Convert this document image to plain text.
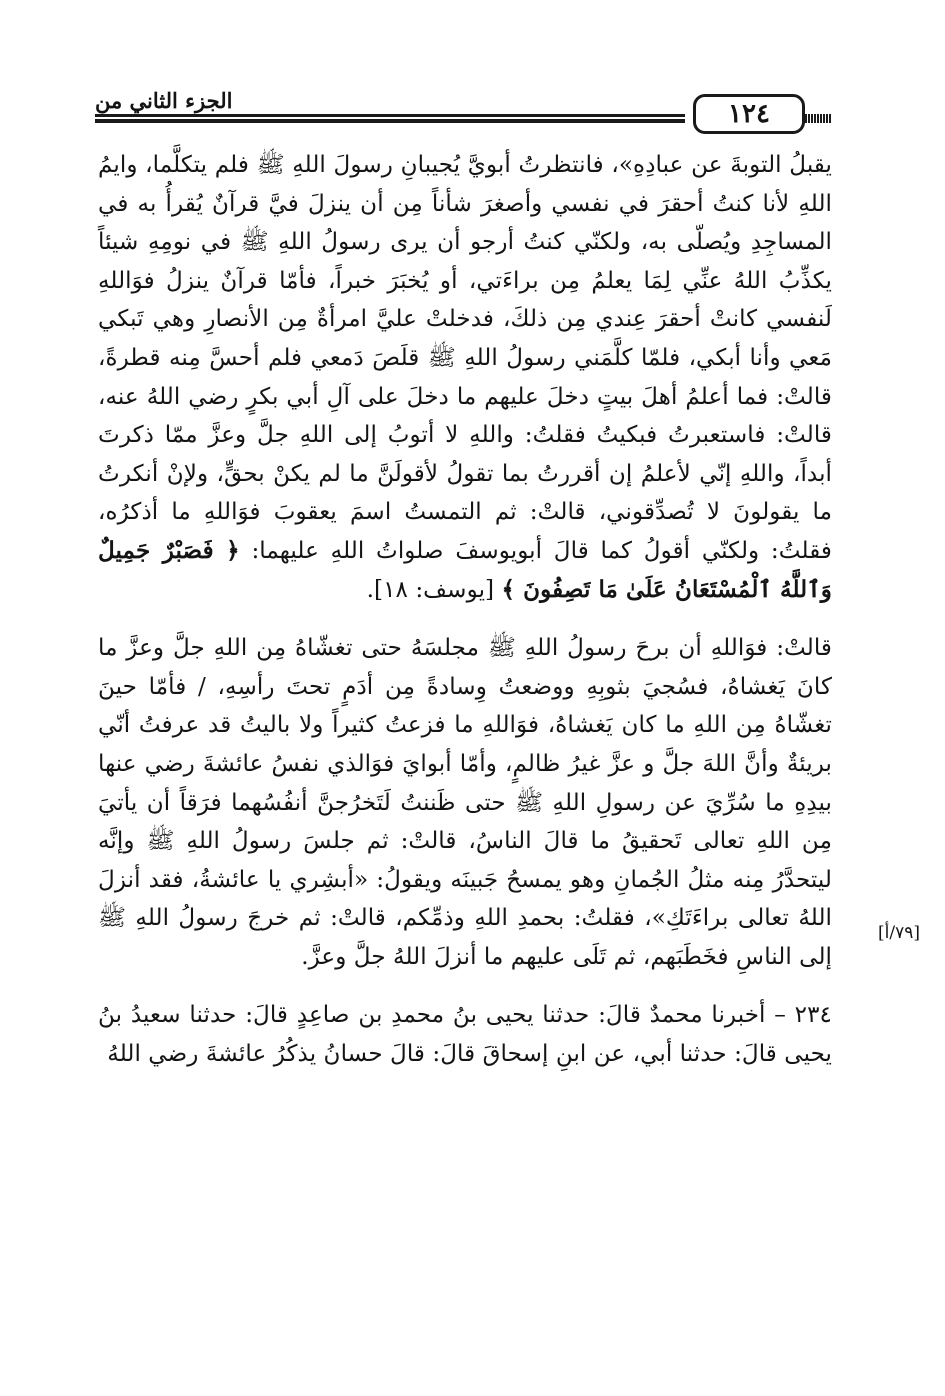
الجزء الثاني من	١٢٤
[٧٩/أ]

يقبلُ التوبةَ عن عبادِهِ»، فانتظرتُ أبويَّ يُجيبانِ رسولَ اللهِ ﷺ فلم يتكلَّما، وايمُ اللهِ لأنا كنتُ أحقرَ في نفسي وأصغرَ شأناً مِن أن ينزلَ فيَّ قرآنٌ يُقرأُ به في المساجِدِ ويُصلّى به، ولكنّي كنتُ أرجو أن يرى رسولُ اللهِ ﷺ في نومِهِ شيئاً يكذِّبُ اللهُ عنِّي لِمَا يعلمُ مِن براءَتي، أو يُخبَرَ خبراً، فأمّا قرآنٌ ينزلُ فوَاللهِ لَنفسي كانتْ أحقرَ عِندي مِن ذلكَ، فدخلتْ عليَّ امرأةٌ مِن الأنصارِ وهي تَبكي مَعي وأنا أبكي، فلمّا كلَّمَني رسولُ اللهِ ﷺ قلَصَ دَمعي فلم أحسَّ مِنه قطرةً، قالتْ: فما أعلمُ أهلَ بيتٍ دخلَ عليهم ما دخلَ على آلِ أبي بكرٍ رضي اللهُ عنه، قالتْ: فاستعبرتُ فبكيتُ فقلتُ: واللهِ لا أتوبُ إلى اللهِ جلَّ وعزَّ ممّا ذكرتَ أبداً، واللهِ إنّي لأعلمُ إن أقررتُ بما تقولُ لأقولَنَّ ما لم يكنْ بحقٍّ، ولإنْ أنكرتُ ما يقولونَ لا تُصدِّقوني، قالتْ: ثم التمستُ اسمَ يعقوبَ فوَاللهِ ما أذكرُه، فقلتُ: ولكنّي أقولُ كما قالَ أبويوسفَ صلواتُ اللهِ عليهما: ﴿ فَصَبْرٌ جَمِيلٌ وَٱللَّهُ ٱلْمُسْتَعَانُ عَلَىٰ مَا تَصِفُونَ ﴾ [يوسف: ١٨].

قالتْ: فوَاللهِ أن برحَ رسولُ اللهِ ﷺ مجلسَهُ حتى تغشّاهُ مِن اللهِ جلَّ وعزَّ ما كانَ يَغشاهُ، فسُجيَ بثوبِهِ ووضعتُ وِسادةً مِن أدَمٍ تحتَ رأسِهِ، / فأمّا حينَ تغشّاهُ مِن اللهِ ما كان يَغشاهُ، فوَاللهِ ما فزعتُ كثيراً ولا باليتُ قد عرفتُ أنّي بريئةٌ وأنَّ اللهَ جلَّ و عزَّ غيرُ ظالمٍ، وأمّا أبوايَ فوَالذي نفسُ عائشةَ رضي عنها بيدِهِ ما سُرِّيَ عن رسولِ اللهِ ﷺ حتى ظَننتُ لَتَخرُجنَّ أنفُسُهما فرَقاً أن يأتيَ مِن اللهِ تعالى تَحقيقُ ما قالَ الناسُ، قالتْ: ثم جلسَ رسولُ اللهِ ﷺ وإنَّه ليتحدَّرُ مِنه مثلُ الجُمانِ وهو يمسحُ جَبينَه ويقولُ: «أبشِري يا عائشةُ، فقد أنزلَ اللهُ تعالى براءَتَكِ»، فقلتُ: بحمدِ اللهِ وذمِّكم، قالتْ: ثم خرجَ رسولُ اللهِ ﷺ إلى الناسِ فخَطَبَهم، ثم تَلَى عليهم ما أنزلَ اللهُ جلَّ وعزَّ.

٢٣٤ – أخبرنا محمدٌ قالَ: حدثنا يحيى بنُ محمدِ بن صاعِدٍ قالَ: حدثنا سعيدُ بنُ يحيى قالَ: حدثنا أبي، عن ابنِ إسحاقَ قالَ: قالَ حسانُ يذكُرُ عائشةَ رضي اللهُ
